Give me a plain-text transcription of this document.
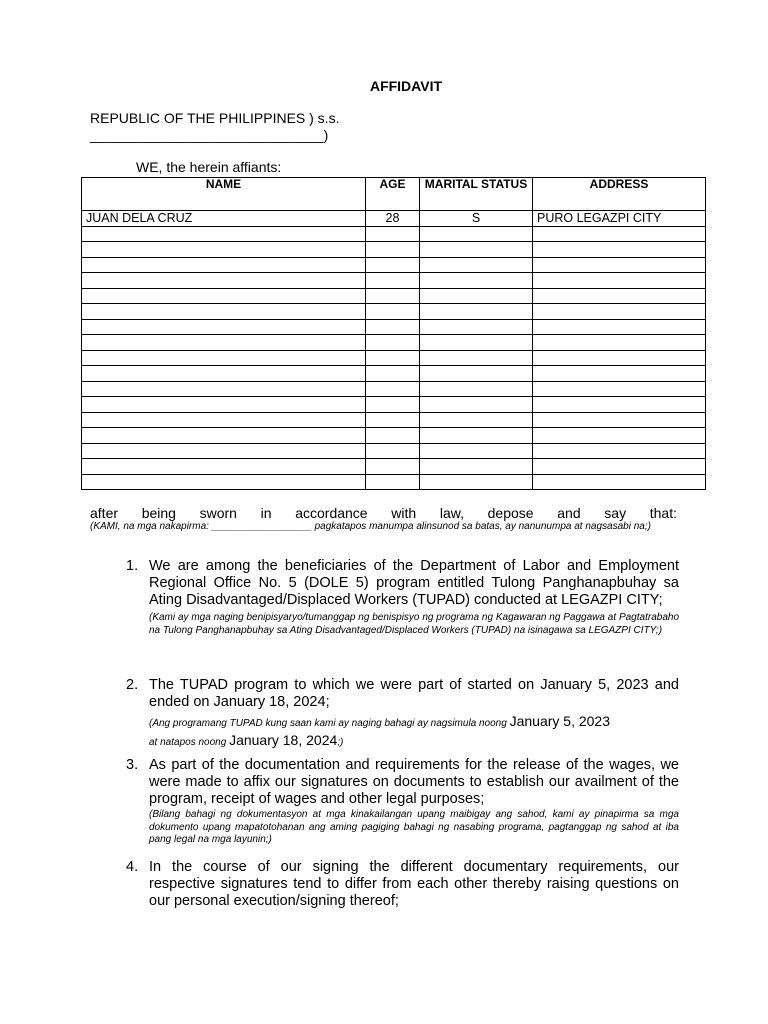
AFFIDAVIT
REPUBLIC OF THE PHILIPPINES ) s.s.
______________________________)
WE, the herein affiants:
NAME	AGE	MARITAL STATUS	ADDRESS
JUAN DELA CRUZ	28	S	PURO LEGAZPI CITY

after being sworn in accordance with law, depose and say that:
(KAMI, na mga nakapirma: __________________ pagkatapos manumpa alinsunod sa batas, ay nanunumpa at nagsasabi na;)
1. We are among the beneficiaries of the Department of Labor and Employment Regional Office No. 5 (DOLE 5) program entitled Tulong Panghanapbuhay sa Ating Disadvantaged/Displaced Workers (TUPAD) conducted at LEGAZPI CITY;
(Kami ay mga naging benipisyaryo/tumanggap ng benispisyo ng programa ng Kagawaran ng Paggawa at Pagtatrabaho na Tulong Panghanapbuhay sa Ating Disadvantaged/Displaced Workers (TUPAD) na isinagawa sa LEGAZPI CITY;)
2. The TUPAD program to which we were part of started on January 5, 2023 and ended on January 18, 2024;
(Ang programang TUPAD kung saan kami ay naging bahagi ay nagsimula noong January 5, 2023
at natapos noong January 18, 2024;)
3. As part of the documentation and requirements for the release of the wages, we were made to affix our signatures on documents to establish our availment of the program, receipt of wages and other legal purposes;
(Bilang bahagi ng dokumentasyon at mga kinakailangan upang maibigay ang sahod, kami ay pinapirma sa mga dokumento upang mapatotohanan ang aming pagiging bahagi ng nasabing programa, pagtanggap ng sahod at iba pang legal na mga layunin;)
4. In the course of our signing the different documentary requirements, our respective signatures tend to differ from each other thereby raising questions on our personal execution/signing thereof;
